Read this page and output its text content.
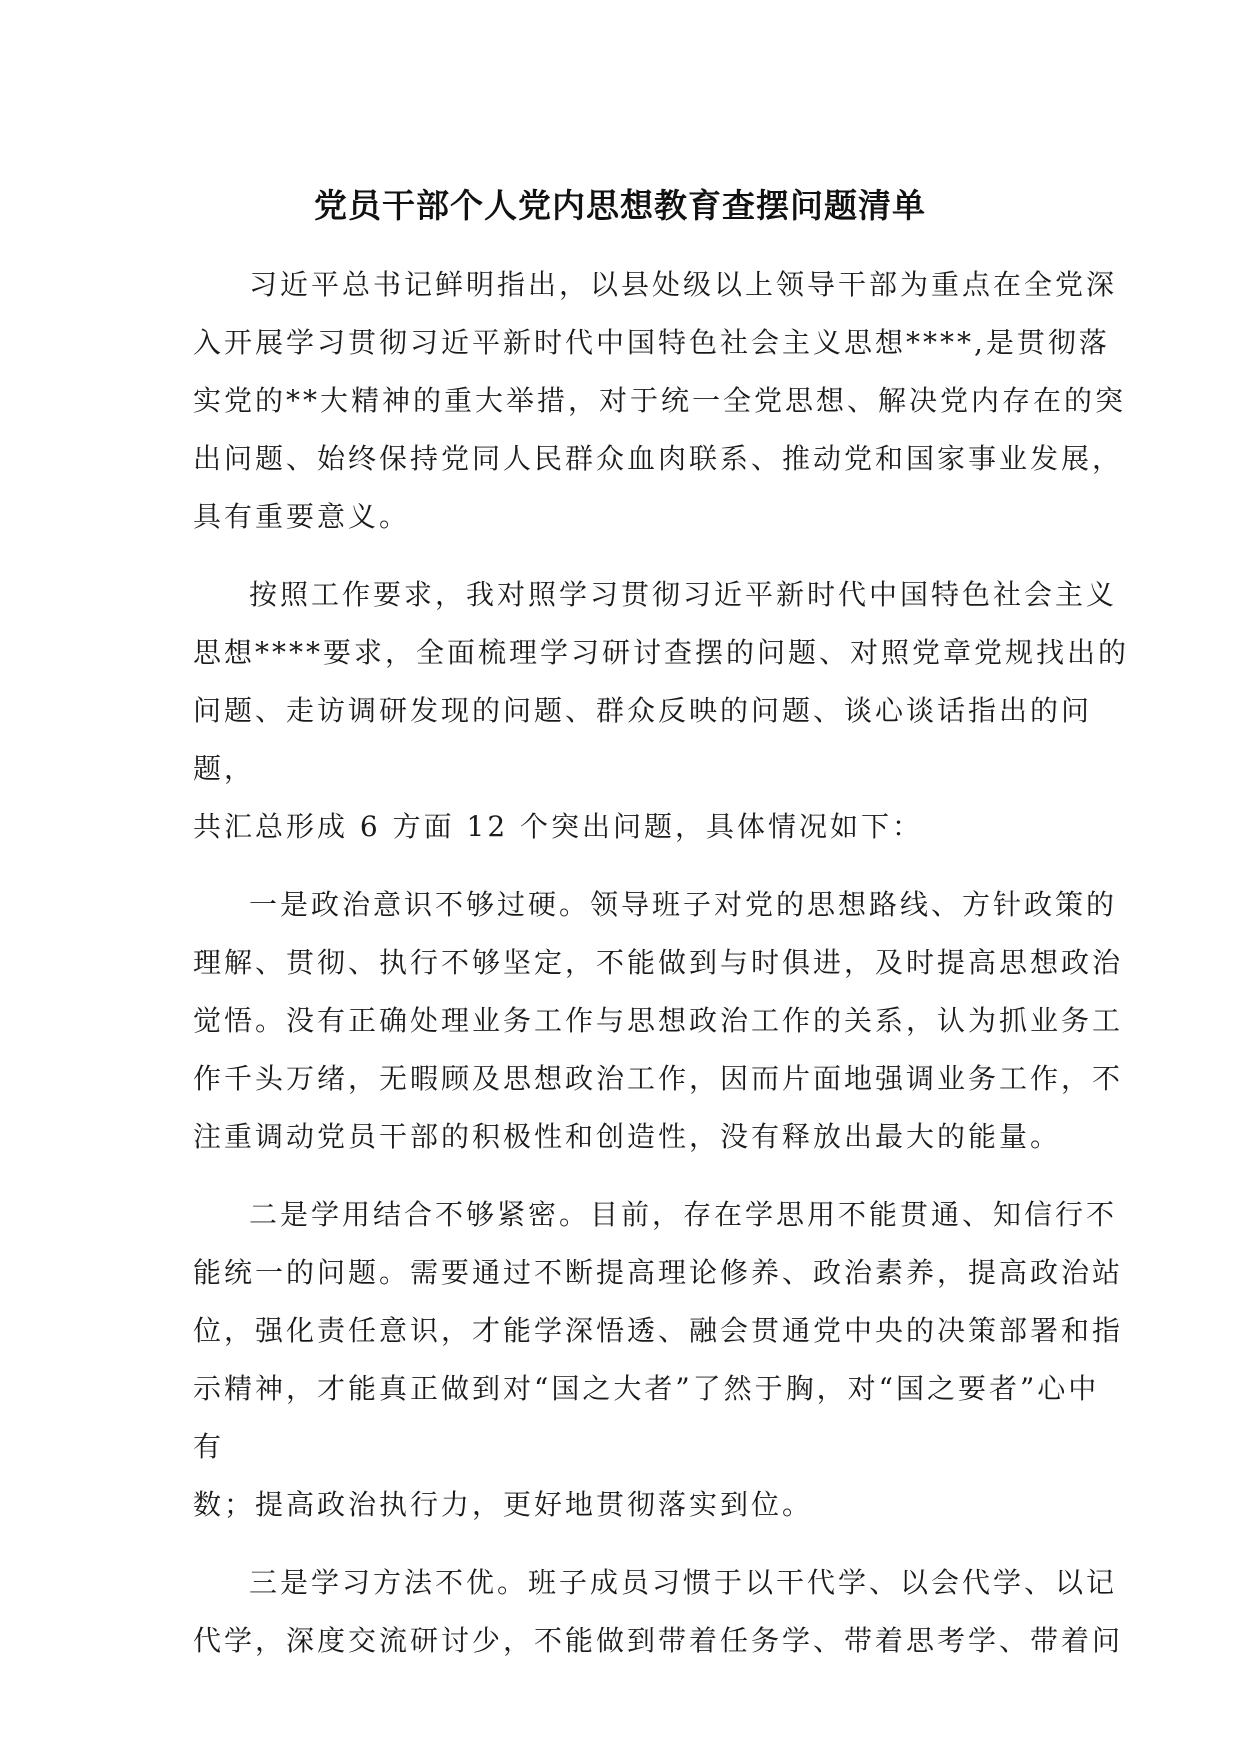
党员干部个人党内思想教育查摆问题清单
习近平总书记鲜明指出，以县处级以上领导干部为重点在全党深
入开展学习贯彻习近平新时代中国特色社会主义思想****,是贯彻落
实党的**大精神的重大举措，对于统一全党思想、解决党内存在的突
出问题、始终保持党同人民群众血肉联系、推动党和国家事业发展，
具有重要意义。
按照工作要求，我对照学习贯彻习近平新时代中国特色社会主义
思想****要求，全面梳理学习研讨查摆的问题、对照党章党规找出的
问题、走访调研发现的问题、群众反映的问题、谈心谈话指出的问
题，
共汇总形成 6 方面 12 个突出问题，具体情况如下：
一是政治意识不够过硬。领导班子对党的思想路线、方针政策的
理解、贯彻、执行不够坚定，不能做到与时俱进，及时提高思想政治
觉悟。没有正确处理业务工作与思想政治工作的关系，认为抓业务工
作千头万绪，无暇顾及思想政治工作，因而片面地强调业务工作，不
注重调动党员干部的积极性和创造性，没有释放出最大的能量。
二是学用结合不够紧密。目前，存在学思用不能贯通、知信行不
能统一的问题。需要通过不断提高理论修养、政治素养，提高政治站
位，强化责任意识，才能学深悟透、融会贯通党中央的决策部署和指
示精神，才能真正做到对“国之大者”了然于胸，对“国之要者”心中
有
数；提高政治执行力，更好地贯彻落实到位。
三是学习方法不优。班子成员习惯于以干代学、以会代学、以记
代学，深度交流研讨少，不能做到带着任务学、带着思考学、带着问
